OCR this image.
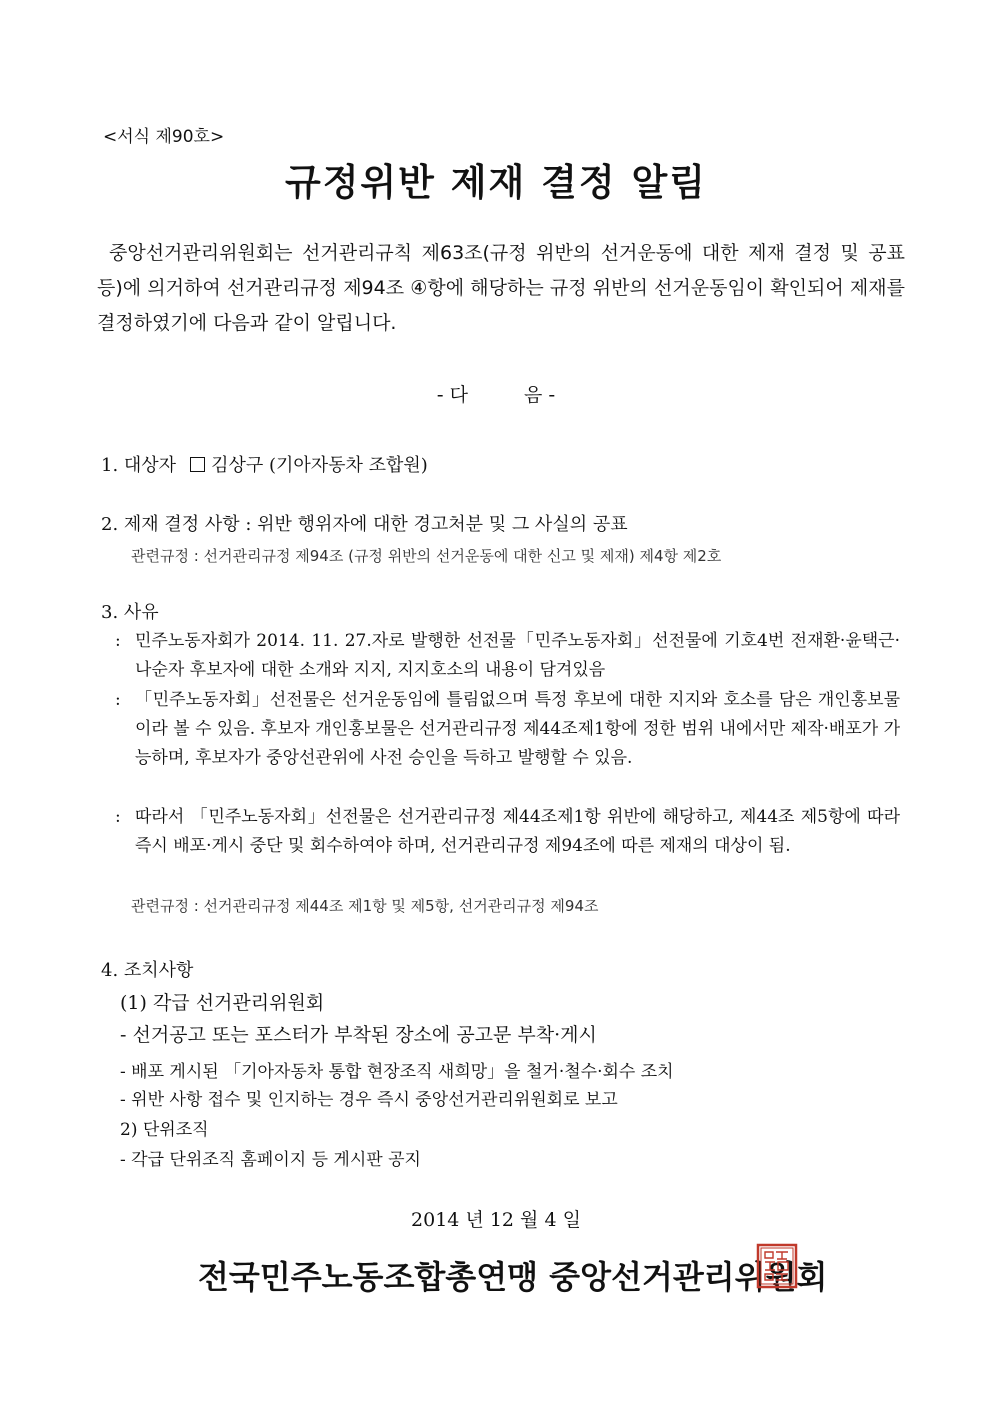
<서식 제90호>
규정위반 제재 결정 알림
중앙선거관리위원회는 선거관리규칙 제63조(규정 위반의 선거운동에 대한 제재 결정 및 공표 등)에 의거하여 선거관리규정 제94조 ④항에 해당하는 규정 위반의 선거운동임이 확인되어 제재를 결정하였기에 다음과 같이 알립니다.
- 다	음 -
1. 대상자 김상구 (기아자동차 조합원)
2. 제재 결정 사항 : 위반 행위자에 대한 경고처분 및 그 사실의 공표
관련규정 : 선거관리규정 제94조 (규정 위반의 선거운동에 대한 신고 및 제재) 제4항 제2호
3. 사유
: 민주노동자회가 2014. 11. 27.자로 발행한 선전물「민주노동자회」선전물에 기호4번 전재환·윤택근·나순자 후보자에 대한 소개와 지지, 지지호소의 내용이 담겨있음
: 「민주노동자회」선전물은 선거운동임에 틀림없으며 특정 후보에 대한 지지와 호소를 담은 개인홍보물이라 볼 수 있음. 후보자 개인홍보물은 선거관리규정 제44조제1항에 정한 범위 내에서만 제작·배포가 가능하며, 후보자가 중앙선관위에 사전 승인을 득하고 발행할 수 있음.
: 따라서 「민주노동자회」선전물은 선거관리규정 제44조제1항 위반에 해당하고, 제44조 제5항에 따라 즉시 배포·게시 중단 및 회수하여야 하며, 선거관리규정 제94조에 따른 제재의 대상이 됨.
관련규정 : 선거관리규정 제44조 제1항 및 제5항, 선거관리규정 제94조
4. 조치사항
(1) 각급 선거관리위원회
- 선거공고 또는 포스터가 부착된 장소에 공고문 부착·게시
- 배포 게시된 「기아자동차 통합 현장조직 새희망」을 철거·철수·회수 조치
- 위반 사항 접수 및 인지하는 경우 즉시 중앙선거관리위원회로 보고
2) 단위조직
- 각급 단위조직 홈페이지 등 게시판 공지
2014 년 12 월 4 일
전국민주노동조합총연맹 중앙선거관리위원회
